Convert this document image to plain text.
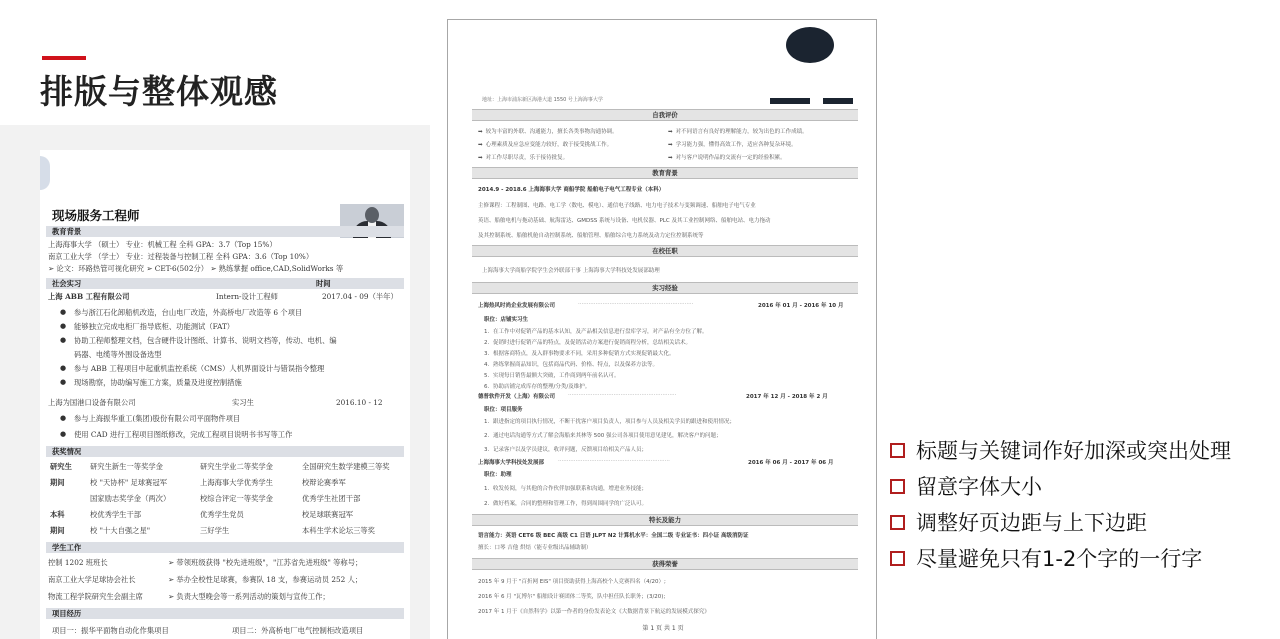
排版与整体观感
现场服务工程师
教育背景
上海海事大学 （硕士） 专业：机械工程 全科 GPA：3.7（Top 15%）
南京工业大学 （学士） 专业：过程装备与控制工程 全科 GPA：3.6（Top 10%）
➢ 论文：环路热管可视化研究 ➢ CET-6(502分） ➢ 熟练掌握 office,CAD,SolidWorks 等
社会实习	时间
上海 ABB 工程有限公司	Intern-设计工程师	2017.04 - 09（半年）
● 参与浙江石化卸船机改造，台山电厂改造，外高桥电厂改造等 6 个项目
● 能够独立完成电柜厂指导底柜、功能测试（FAT）
● 协助工程师整理文档，包含硬件设计图纸、计算书、说明文档等，传动、电机、编
码器、电缆等外围设备选型
● 参与 ABB 工程项目中起重机监控系统（CMS）人机界面设计与错误指令整理
● 现场勘察，协助编写施工方案，质量及进度控制措施
上海为国港口设备有限公司	实习生	2016.10 - 12
● 参与上海振华重工(集团)股份有限公司平面物件项目
● 使用 CAD 进行工程项目图纸修改，完成工程项目说明书书写等工作
获奖情况
学生工作
控制 1202 班班长	➢ 带领班级获得 "校先进班级"，"江苏省先进班级" 等称号；
南京工业大学足球协会社长	➢ 举办全校性足球赛，参赛队 18 支，参赛运动员 252 人；
物流工程学院研究生会副主席	➢ 负责大型晚会等一系列活动的策划与宣传工作；
项目经历
项目一：振华平面物自动化作集项目	项目二：外高桥电厂电气控制柜改造项目
研究生 研究生新生一等奖学金	研究生学业二等奖学金	全国研究生数学建模三等奖
期间	校 "天协杯" 足球赛冠军	上海海事大学优秀学生	校辩论赛季军
国家励志奖学金（两次）	校综合评定一等奖学金	优秀学生社团干部
本科	校优秀学生干部	优秀学生党员	校足球联赛冠军
期间	校 "十大自强之星"	三好学生	本科生学术论坛三等奖
地址：上海市浦东新区海港大道 1550 号上海海事大学
自我评价
➡ 较为丰富的外联、沟通能力，擅长各类事物沟通协调。
➡ 心理素质及应急应变能力较好，敢于接受挑战工作。
➡ 对工作尽职尽责，乐于接待批复。
➡ 对不同语言有良好的理解能力，较为出色的工作成绩。
➡ 学习能力强，懂得高效工作，适应各种复杂环境。
➡ 对与客户说明作品的交流有一定的经验积累。
教育背景
2014.9 - 2018.6 上海海事大学 商船学院 船舶电子电气工程专业（本科）
主修课程：工程制图、电路、电工学（数电、模电）、通信电子线路、电力电子技术与变频调速、船舶电子电气专业
英语、船舶电机与拖动基础、航海雷达、GMDSS 系统与设备、电机仪器、PLC 及其工业控制网络、船舶电站、电力拖动
及其控制系统、船舶机舱自动控制系统、船舶管理、船舶综合电力系统及动力定位控制系统等
在校任职
上海海事大学商船学院学生会外联部干事 上海海事大学科技处发展部助理
实习经验
上海热风时尚企业发展有限公司	··································································	2016 年 01 月 - 2016 年 10 月
职位：店铺实习生
1．在工作中对促销产品的基本认知，及产品相关信息进行盘库学习，对产品有全方位了解。
2．促销时进行促销产品的特点，及促销活动方案进行促销商程分析，总结相关话术。
3．根据客商特点，及入群事物要求不同，采用多种促销方式实现促销最大化。
4．熟练掌握商品知识，包括商品代码、价格、特点，以及保养方法等。
5．实现每日销售最额大突破，工作商到两年前名认可。
6．协助店铺完成库存的整理/分类/及维护。
德普软件开发（上海）有限公司 ······························································	2017 年 12 月 - 2018 年 2 月
职位：项目服务
1．跟进指定的项目执行情况，不断干扰客户项目负责人，项目参与人员及相关学员的跟进和使用情况；
2．通过电话沟通等方式了解会海船来其林等 500 强公司各项目使用意见建见，解决客户的问题；
3．记录客户以及学员建议，收评问题，反馈项目给相关产品人员；
上海海事大学科技处发展部	································································	2016 年 06 月 - 2017 年 06 月
职位：助理
1．收发传阅，与其他的合作伙伴加强联系和沟通，增进业务技能；
2．做好档案，合同的整理和管理工作，得到周围同学的广泛认可。
特长及能力
语言能力：英语 CET6 级 BEC 高级 C1 日语 JLPT N2 计算机水平：全国二级 专业证书：四小证 高级消防证
擅长：口琴 吉他 烘焙（能专业级出品辅助制）
获得荣誉
2015 年 9 月于 "百折网 EIS" 项目资助获得上海高校个人竞赛四名（4/20）;
2016 年 6 月 "瓦博尔" 船舶设计赛团体二等奖，队中担任队长职务；(3/20);
2017 年 1 月于《自然科学》以第一作者的身份发表论文《大数据背景下航运的发展模式探究》
第 1 页 共 1 页
标题与关键词作好加深或突出处理
留意字体大小
调整好页边距与上下边距
尽量避免只有1-2个字的一行字
